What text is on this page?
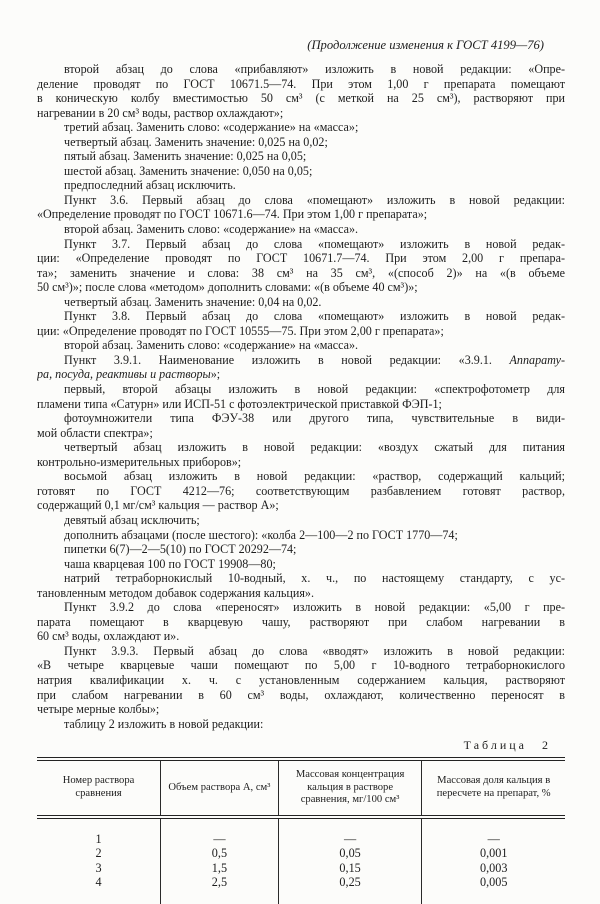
(Продолжение изменения к ГОСТ 4199—76)
второй абзац до слова «прибавляют» изложить в новой редакции: «Опре-
деление проводят по ГОСТ 10671.5—74. При этом 1,00 г препарата помещают
в коническую колбу вместимостью 50 см³ (с меткой на 25 см³), растворяют при
нагревании в 20 см³ воды, раствор охлаждают»;
третий абзац. Заменить слово: «содержание» на «масса»;
четвертый абзац. Заменить значение: 0,025 на 0,02;
пятый абзац. Заменить значение: 0,025 на 0,05;
шестой абзац. Заменить значение: 0,050 на 0,05;
предпоследний абзац исключить.
Пункт 3.6. Первый абзац до слова «помещают» изложить в новой редакции:
«Определение проводят по ГОСТ 10671.6—74. При этом 1,00 г препарата»;
второй абзац. Заменить слово: «содержание» на «масса».
Пункт 3.7. Первый абзац до слова «помещают» изложить в новой редак-
ции: «Определение проводят по ГОСТ 10671.7—74. При этом 2,00 г препара-
та»; заменить значение и слова: 38 см³ на 35 см³, «(способ 2)» на «(в объеме
50 см³)»; после слова «методом» дополнить словами: «(в объеме 40 см³)»;
четвертый абзац. Заменить значение: 0,04 на 0,02.
Пункт 3.8. Первый абзац до слова «помещают» изложить в новой редак-
ции: «Определение проводят по ГОСТ 10555—75. При этом 2,00 г препарата»;
второй абзац. Заменить слово: «содержание» на «масса».
Пункт 3.9.1. Наименование изложить в новой редакции: «3.9.1. Аппарату-
ра, посуда, реактивы и растворы»;
первый, второй абзацы изложить в новой редакции: «спектрофотометр для
пламени типа «Сатурн» или ИСП-51 с фотоэлектрической приставкой ФЭП-1;
фотоумножители типа ФЭУ-38 или другого типа, чувствительные в види-
мой области спектра»;
четвертый абзац изложить в новой редакции: «воздух сжатый для питания
контрольно-измерительных приборов»;
восьмой абзац изложить в новой редакции: «раствор, содержащий кальций;
готовят по ГОСТ 4212—76; соответствующим разбавлением готовят раствор,
содержащий 0,1 мг/см³ кальция — раствор А»;
девятый абзац исключить;
дополнить абзацами (после шестого): «колба 2—100—2 по ГОСТ 1770—74;
пипетки 6(7)—2—5(10) по ГОСТ 20292—74;
чаша кварцевая 100 по ГОСТ 19908—80;
натрий тетраборнокислый 10-водный, х. ч., по настоящему стандарту, с ус-
тановленным методом добавок содержания кальция».
Пункт 3.9.2 до слова «переносят» изложить в новой редакции: «5,00 г пре-
парата помещают в кварцевую чашу, растворяют при слабом нагревании в
60 см³ воды, охлаждают и».
Пункт 3.9.3. Первый абзац до слова «вводят» изложить в новой редакции:
«В четыре кварцевые чаши помещают по 5,00 г 10-водного тетраборнокислого
натрия квалификации х. ч. с установленным содержанием кальция, растворяют
при слабом нагревании в 60 см³ воды, охлаждают, количественно переносят в
четыре мерные колбы»;
таблицу 2 изложить в новой редакции:
Таблица 2
Номер раствора сравнения	Объем раствора А, см³	Массовая концентрация кальция в растворе сравнения, мг/100 см³	Массовая доля кальция в пересчете на препарат, %
1	—	—	—
2	0,5	0,05	0,001
3	1,5	0,15	0,003
4	2,5	0,25	0,005
